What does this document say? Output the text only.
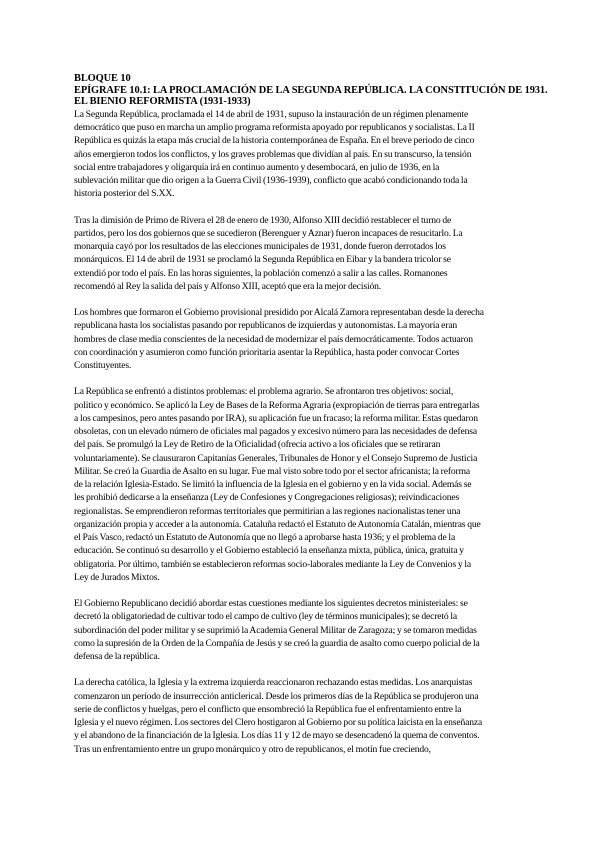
BLOQUE 10
EPÍGRAFE 10.1: LA PROCLAMACIÓN DE LA SEGUNDA REPÚBLICA. LA CONSTITUCIÓN DE 1931.
EL BIENIO REFORMISTA (1931-1933)
La Segunda República, proclamada el 14 de abril de 1931, supuso la instauración de un régimen plenamente
democrático que puso en marcha un amplio programa reformista apoyado por republicanos y socialistas. La II
República es quizás la etapa más crucial de la historia contemporánea de España. En el breve periodo de cinco
años emergieron todos los conflictos, y los graves problemas que dividían al país. En su transcurso, la tensión
social entre trabajadores y oligarquía irá en continuo aumento y desembocará, en julio de 1936, en la
sublevación militar que dio origen a la Guerra Civil (1936-1939), conflicto que acabó condicionando toda la
historia posterior del S.XX.
Tras la dimisión de Primo de Rivera el 28 de enero de 1930, Alfonso XIII decidió restablecer el turno de
partidos, pero los dos gobiernos que se sucedieron (Berenguer y Aznar) fueron incapaces de resucitarlo. La
monarquía cayó por los resultados de las elecciones municipales de 1931, donde fueron derrotados los
monárquicos. El 14 de abril de 1931 se proclamó la Segunda República en Eibar y la bandera tricolor se
extendió por todo el país. En las horas siguientes, la población comenzó a salir a las calles. Romanones
recomendó al Rey la salida del país y Alfonso XIII, aceptó que era la mejor decisión.
Los hombres que formaron el Gobierno provisional presidido por Alcalá Zamora representaban desde la derecha
republicana hasta los socialistas pasando por republicanos de izquierdas y autonomistas. La mayoría eran
hombres de clase media conscientes de la necesidad de modernizar el país democráticamente. Todos actuaron
con coordinación y asumieron como función prioritaria asentar la República, hasta poder convocar Cortes
Constituyentes.
La República se enfrentó a distintos problemas: el problema agrario. Se afrontaron tres objetivos: social,
político y económico. Se aplicó la Ley de Bases de la Reforma Agraria (expropiación de tierras para entregarlas
a los campesinos, pero antes pasando por IRA), su aplicación fue un fracaso; la reforma militar. Estas quedaron
obsoletas, con un elevado número de oficiales mal pagados y excesivo número para las necesidades de defensa
del país. Se promulgó la Ley de Retiro de la Oficialidad (ofrecía activo a los oficiales que se retiraran
voluntariamente). Se clausuraron Capitanías Generales, Tribunales de Honor y el Consejo Supremo de Justicia
Militar. Se creó la Guardia de Asalto en su lugar. Fue mal visto sobre todo por el sector africanista; la reforma
de la relación Iglesia-Estado. Se limitó la influencia de la Iglesia en el gobierno y en la vida social. Además se
les prohibió dedicarse a la enseñanza (Ley de Confesiones y Congregaciones religiosas); reivindicaciones
regionalistas. Se emprendieron reformas territoriales que permitirían a las regiones nacionalistas tener una
organización propia y acceder a la autonomía. Cataluña redactó el Estatuto de Autonomía Catalán, mientras que
el País Vasco, redactó un Estatuto de Autonomía que no llegó a aprobarse hasta 1936; y el problema de la
educación. Se continuó su desarrollo y el Gobierno estableció la enseñanza mixta, pública, única, gratuita y
obligatoria. Por último, también se establecieron reformas socio-laborales mediante la Ley de Convenios y la
Ley de Jurados Mixtos.
El Gobierno Republicano decidió abordar estas cuestiones mediante los siguientes decretos ministeriales: se
decretó la obligatoriedad de cultivar todo el campo de cultivo (ley de términos municipales); se decretó la
subordinación del poder militar y se suprimió la Academia General Militar de Zaragoza; y se tomaron medidas
como la supresión de la Orden de la Compañía de Jesús y se creó la guardia de asalto como cuerpo policial de la
defensa de la república.
La derecha católica, la Iglesia y la extrema izquierda reaccionaron rechazando estas medidas. Los anarquistas
comenzaron un período de insurrección anticlerical. Desde los primeros días de la República se produjeron una
serie de conflictos y huelgas, pero el conflicto que ensombreció la República fue el enfrentamiento entre la
Iglesia y el nuevo régimen. Los sectores del Clero hostigaron al Gobierno por su política laicista en la enseñanza
y el abandono de la financiación de la Iglesia. Los días 11 y 12 de mayo se desencadenó la quema de conventos.
Tras un enfrentamiento entre un grupo monárquico y otro de republicanos, el motín fue creciendo,
